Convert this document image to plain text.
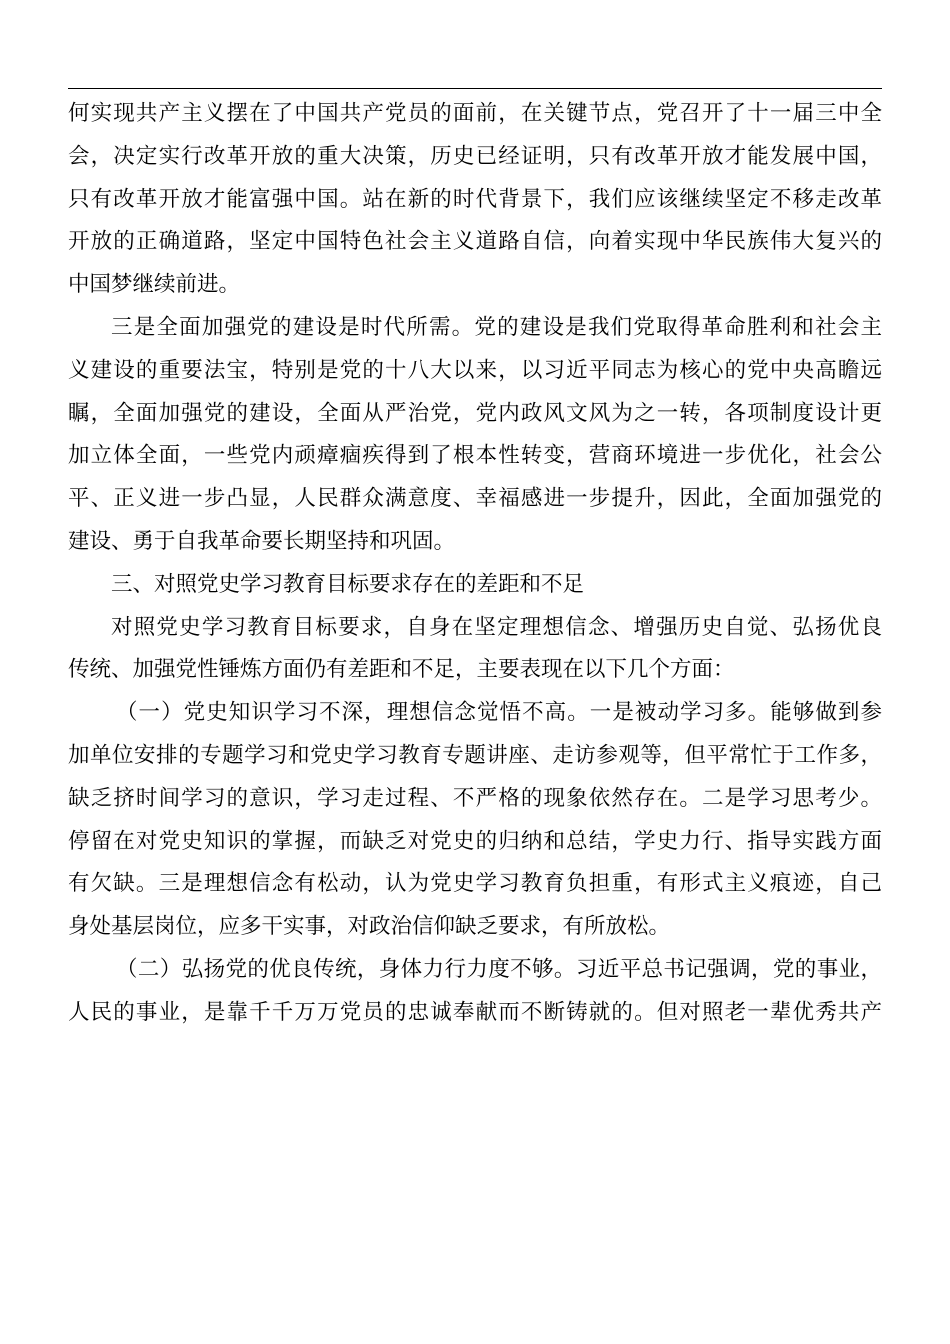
何实现共产主义摆在了中国共产党员的面前，在关键节点，党召开了十一届三中全
会，决定实行改革开放的重大决策，历史已经证明，只有改革开放才能发展中国，
只有改革开放才能富强中国。站在新的时代背景下，我们应该继续坚定不移走改革
开放的正确道路，坚定中国特色社会主义道路自信，向着实现中华民族伟大复兴的
中国梦继续前进。
三是全面加强党的建设是时代所需。党的建设是我们党取得革命胜利和社会主
义建设的重要法宝，特别是党的十八大以来，以习近平同志为核心的党中央高瞻远
瞩，全面加强党的建设，全面从严治党，党内政风文风为之一转，各项制度设计更
加立体全面，一些党内顽瘴痼疾得到了根本性转变，营商环境进一步优化，社会公
平、正义进一步凸显，人民群众满意度、幸福感进一步提升，因此，全面加强党的
建设、勇于自我革命要长期坚持和巩固。
三、对照党史学习教育目标要求存在的差距和不足
对照党史学习教育目标要求，自身在坚定理想信念、增强历史自觉、弘扬优良
传统、加强党性锤炼方面仍有差距和不足，主要表现在以下几个方面：
（一）党史知识学习不深，理想信念觉悟不高。一是被动学习多。能够做到参
加单位安排的专题学习和党史学习教育专题讲座、走访参观等，但平常忙于工作多，
缺乏挤时间学习的意识，学习走过程、不严格的现象依然存在。二是学习思考少。
停留在对党史知识的掌握，而缺乏对党史的归纳和总结，学史力行、指导实践方面
有欠缺。三是理想信念有松动，认为党史学习教育负担重，有形式主义痕迹，自己
身处基层岗位，应多干实事，对政治信仰缺乏要求，有所放松。
（二）弘扬党的优良传统，身体力行力度不够。习近平总书记强调，党的事业，
人民的事业，是靠千千万万党员的忠诚奉献而不断铸就的。但对照老一辈优秀共产
